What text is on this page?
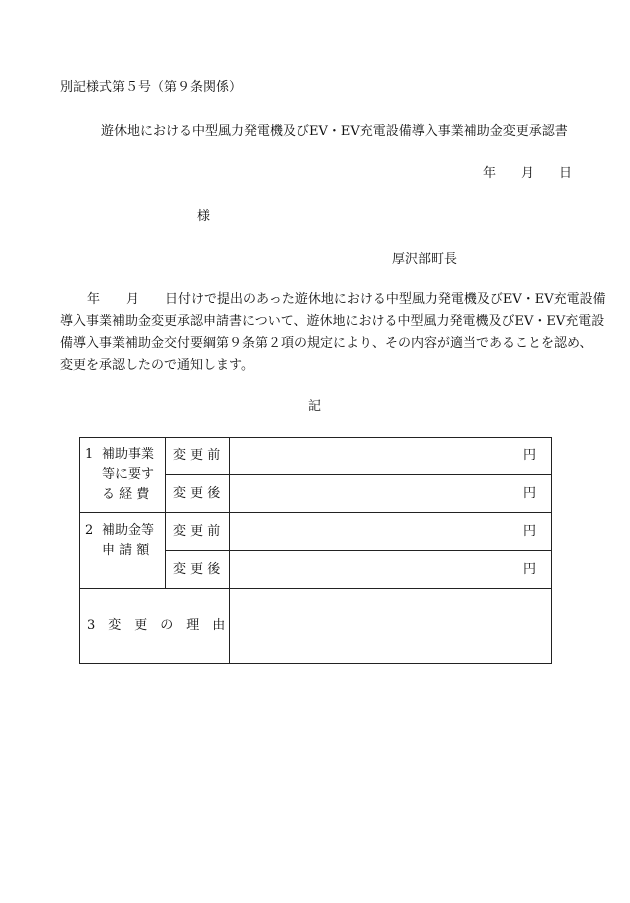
別記様式第５号（第９条関係）
遊休地における中型風力発電機及びEV・EV充電設備導入事業補助金変更承認書
年 月 日
様
厚沢部町長
年　　月　　日付けで提出のあった遊休地における中型風力発電機及びEV・EV充電設備
導入事業補助金変更承認申請書について、遊休地における中型風力発電機及びEV・EV充電設
備導入事業補助金交付要綱第９条第２項の規定により、その内容が適当であることを認め、
変更を承認したので通知します。
記
1 補助事業
等に要す
る 経 費
変 更 前
変 更 後
円
円
2 補助金等
申 請 額
変 更 前
変 更 後
円
円
3　変　更　の　理　由
